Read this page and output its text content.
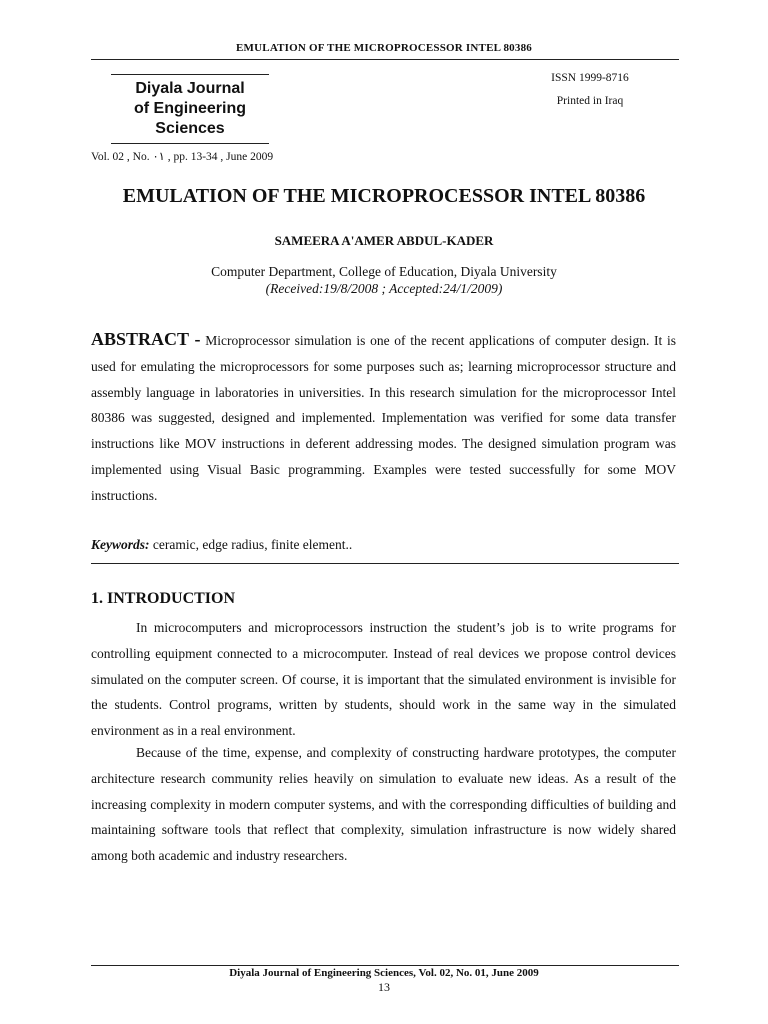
EMULATION OF THE MICROPROCESSOR INTEL 80386
Diyala Journal
of Engineering
Sciences
ISSN 1999-8716
Printed in Iraq
Vol. 02 , No. ٠١ , pp. 13-34 , June 2009
EMULATION OF THE MICROPROCESSOR INTEL 80386
SAMEERA A'AMER ABDUL-KADER
Computer Department, College of Education, Diyala University
(Received:19/8/2008 ; Accepted:24/1/2009)

ABSTRACT - Microprocessor simulation is one of the recent applications of computer design. It is used for emulating the microprocessors for some purposes such as; learning microprocessor structure and assembly language in laboratories in universities. In this research simulation for the microprocessor Intel 80386 was suggested, designed and implemented. Implementation was verified for some data transfer instructions like MOV instructions in deferent addressing modes. The designed simulation program was implemented using Visual Basic programming. Examples were tested successfully for some MOV instructions.

Keywords: ceramic, edge radius, finite element..
1. INTRODUCTION

In microcomputers and microprocessors instruction the student’s job is to write programs for controlling equipment connected to a microcomputer. Instead of real devices we propose control devices simulated on the computer screen. Of course, it is important that the simulated environment is invisible for the students. Control programs, written by students, should work in the same way in the simulated environment as in a real environment.

Because of the time, expense, and complexity of constructing hardware prototypes, the computer architecture research community relies heavily on simulation to evaluate new ideas. As a result of the increasing complexity in modern computer systems, and with the corresponding difficulties of building and maintaining software tools that reflect that complexity, simulation infrastructure is now widely shared among both academic and industry researchers.

Diyala Journal of Engineering Sciences, Vol. 02, No. 01, June 2009
13
